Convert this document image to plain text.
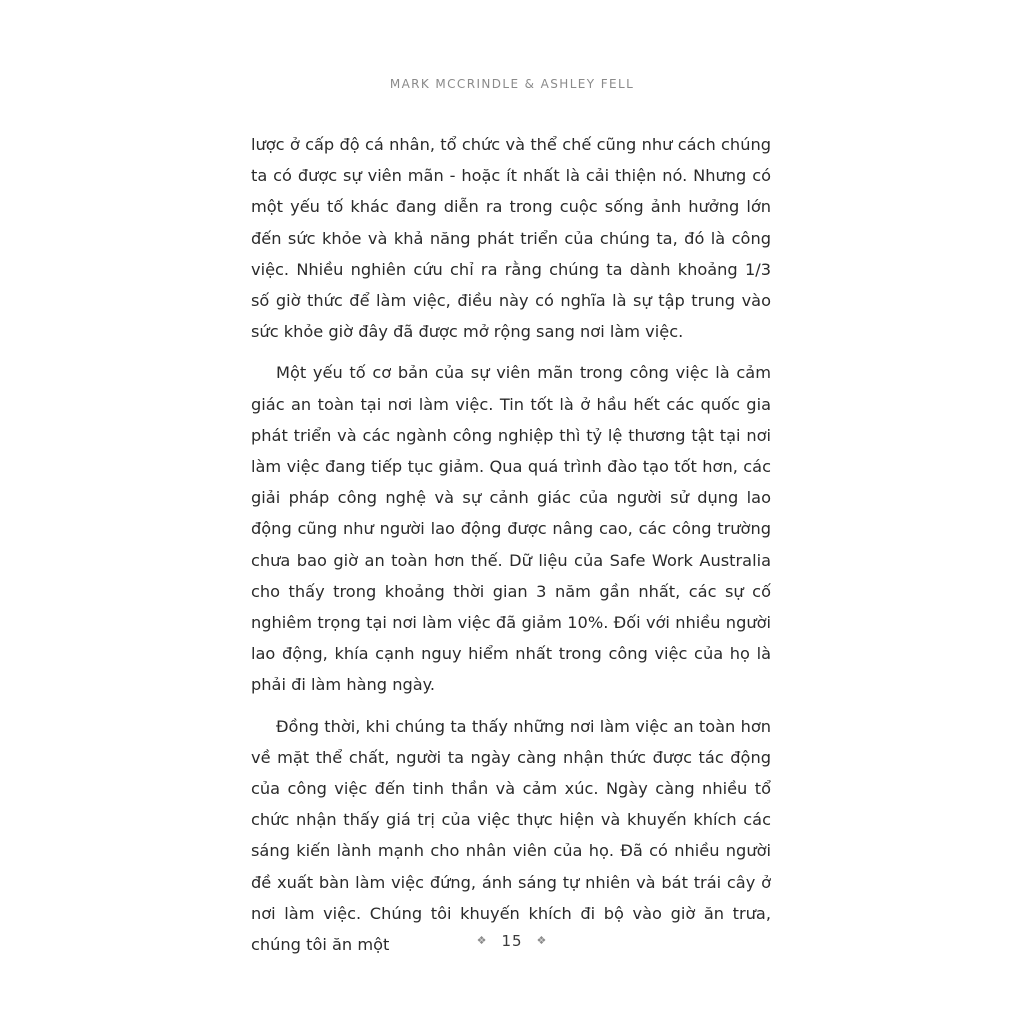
MARK MCCRINDLE & ASHLEY FELL

lược ở cấp độ cá nhân, tổ chức và thể chế cũng như cách chúng ta có được sự viên mãn - hoặc ít nhất là cải thiện nó. Nhưng có một yếu tố khác đang diễn ra trong cuộc sống ảnh hưởng lớn đến sức khỏe và khả năng phát triển của chúng ta, đó là công việc. Nhiều nghiên cứu chỉ ra rằng chúng ta dành khoảng 1/3 số giờ thức để làm việc, điều này có nghĩa là sự tập trung vào sức khỏe giờ đây đã được mở rộng sang nơi làm việc.

Một yếu tố cơ bản của sự viên mãn trong công việc là cảm giác an toàn tại nơi làm việc. Tin tốt là ở hầu hết các quốc gia phát triển và các ngành công nghiệp thì tỷ lệ thương tật tại nơi làm việc đang tiếp tục giảm. Qua quá trình đào tạo tốt hơn, các giải pháp công nghệ và sự cảnh giác của người sử dụng lao động cũng như người lao động được nâng cao, các công trường chưa bao giờ an toàn hơn thế. Dữ liệu của Safe Work Australia cho thấy trong khoảng thời gian 3 năm gần nhất, các sự cố nghiêm trọng tại nơi làm việc đã giảm 10%. Đối với nhiều người lao động, khía cạnh nguy hiểm nhất trong công việc của họ là phải đi làm hàng ngày.

Đồng thời, khi chúng ta thấy những nơi làm việc an toàn hơn về mặt thể chất, người ta ngày càng nhận thức được tác động của công việc đến tinh thần và cảm xúc. Ngày càng nhiều tổ chức nhận thấy giá trị của việc thực hiện và khuyến khích các sáng kiến lành mạnh cho nhân viên của họ. Đã có nhiều người đề xuất bàn làm việc đứng, ánh sáng tự nhiên và bát trái cây ở nơi làm việc. Chúng tôi khuyến khích đi bộ vào giờ ăn trưa, chúng tôi ăn một	❖ 15 ❖
